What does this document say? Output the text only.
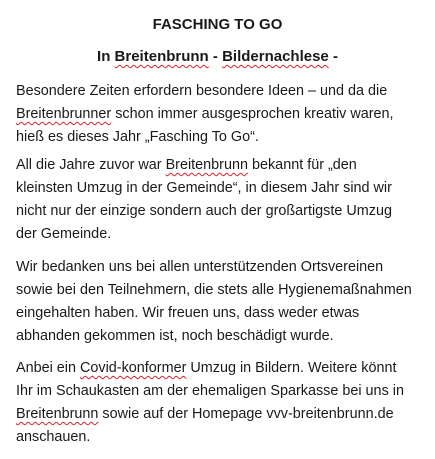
FASCHING TO GO
In Breitenbrunn - Bildernachlese -
Besondere Zeiten erfordern besondere Ideen – und da die
Breitenbrunner schon immer ausgesprochen kreativ waren,
hieß es dieses Jahr „Fasching To Go“.
All die Jahre zuvor war Breitenbrunn bekannt für „den
kleinsten Umzug in der Gemeinde“, in diesem Jahr sind wir
nicht nur der einzige sondern auch der großartigste Umzug
der Gemeinde.
Wir bedanken uns bei allen unterstützenden Ortsvereinen
sowie bei den Teilnehmern, die stets alle Hygienemaßnahmen
eingehalten haben. Wir freuen uns, dass weder etwas
abhanden gekommen ist, noch beschädigt wurde.
Anbei ein Covid-konformer Umzug in Bildern. Weitere könnt
Ihr im Schaukasten am der ehemaligen Sparkasse bei uns in
Breitenbrunn sowie auf der Homepage vvv-breitenbrunn.de
anschauen.
